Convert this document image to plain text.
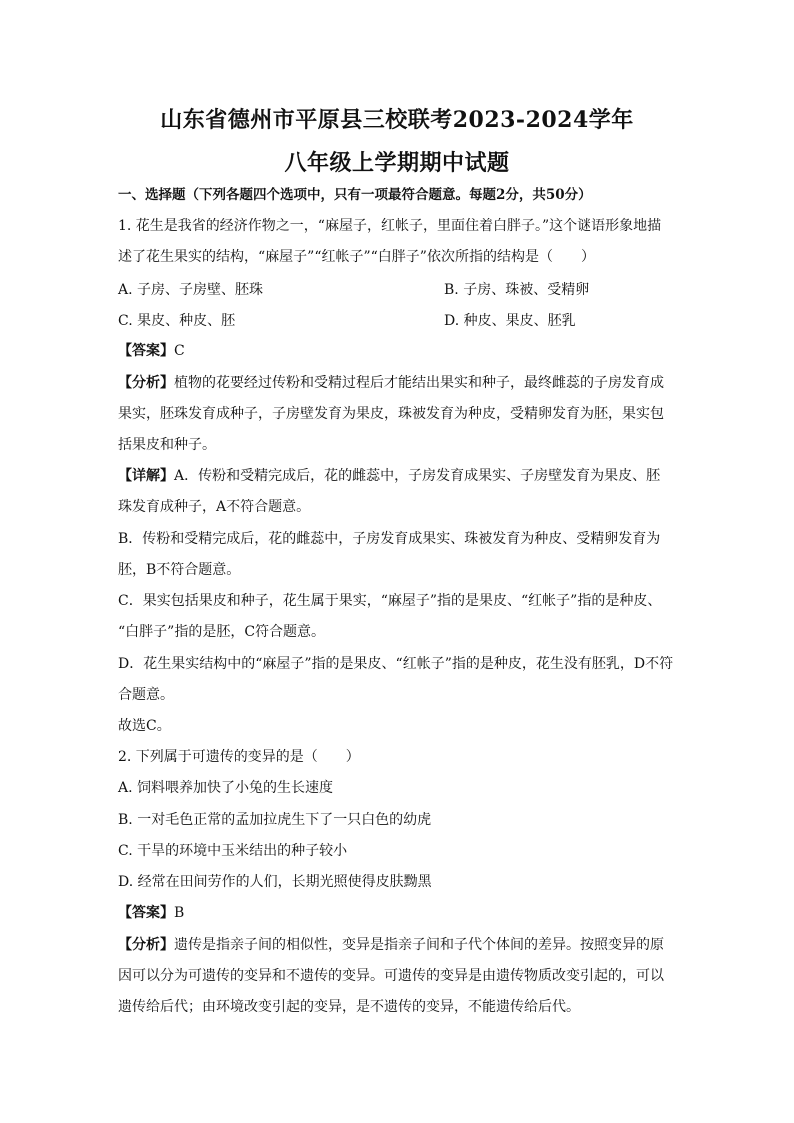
山东省德州市平原县三校联考2023-2024学年
八年级上学期期中试题
一、选择题（下列各题四个选项中，只有一项最符合题意。每题2分，共50分）
1. 花生是我省的经济作物之一，“麻屋子，红帐子，里面住着白胖子。”这个谜语形象地描
述了花生果实的结构，“麻屋子”“红帐子”“白胖子”依次所指的结构是（　　）
A. 子房、子房壁、胚珠	B. 子房、珠被、受精卵
C. 果皮、种皮、胚	D. 种皮、果皮、胚乳
【答案】C
【分析】植物的花要经过传粉和受精过程后才能结出果实和种子，最终雌蕊的子房发育成
果实，胚珠发育成种子，子房壁发育为果皮，珠被发育为种皮，受精卵发育为胚，果实包
括果皮和种子。
【详解】A．传粉和受精完成后，花的雌蕊中，子房发育成果实、子房壁发育为果皮、胚
珠发育成种子，A不符合题意。
B．传粉和受精完成后，花的雌蕊中，子房发育成果实、珠被发育为种皮、受精卵发育为
胚，B不符合题意。
C．果实包括果皮和种子，花生属于果实，“麻屋子”指的是果皮、“红帐子”指的是种皮、
“白胖子”指的是胚，C符合题意。
D．花生果实结构中的“麻屋子”指的是果皮、“红帐子”指的是种皮，花生没有胚乳，D不符
合题意。
故选C。
2. 下列属于可遗传的变异的是（　　）
A. 饲料喂养加快了小兔的生长速度
B. 一对毛色正常的孟加拉虎生下了一只白色的幼虎
C. 干旱的环境中玉米结出的种子较小
D. 经常在田间劳作的人们，长期光照使得皮肤黝黑
【答案】B
【分析】遗传是指亲子间的相似性，变异是指亲子间和子代个体间的差异。按照变异的原
因可以分为可遗传的变异和不遗传的变异。可遗传的变异是由遗传物质改变引起的，可以
遗传给后代；由环境改变引起的变异，是不遗传的变异，不能遗传给后代。
